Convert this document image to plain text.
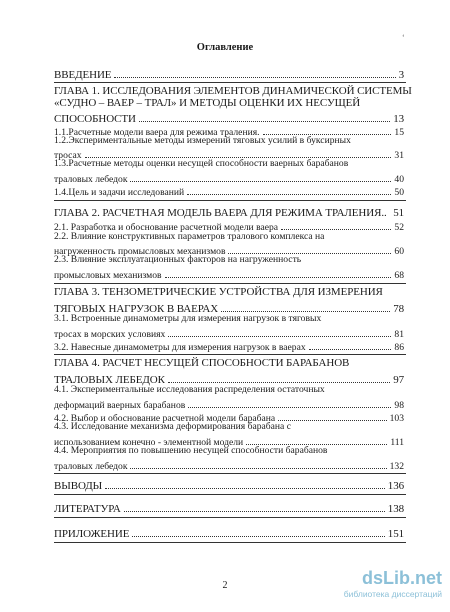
‘
Оглавление
ВВЕДЕНИЕ	3
ГЛАВА 1. ИССЛЕДОВАНИЯ ЭЛЕМЕНТОВ ДИНАМИЧЕСКОЙ СИСТЕМЫ
«СУДНО – ВАЕР – ТРАЛ» И МЕТОДЫ ОЦЕНКИ ИХ НЕСУЩЕЙ
СПОСОБНОСТИ	13
1.1.Расчетные модели ваера для режима траления.	15
1.2.Экспериментальные методы измерений тяговых усилий в буксирных
тросах	31
1.3.Расчетные методы оценки несущей способности ваерных барабанов
траловых лебедок	40
1.4.Цель и задачи исследований	50
ГЛАВА 2. РАСЧЕТНАЯ МОДЕЛЬ ВАЕРА ДЛЯ РЕЖИМА ТРАЛЕНИЯ.. 51
2.1. Разработка и обоснование расчетной модели ваера	52
2.2. Влияние конструктивных параметров тралового комплекса на
нагруженность промысловых механизмов	60
2.3. Влияние эксплуатационных факторов на нагруженность
промысловых механизмов	68
ГЛАВА 3. ТЕНЗОМЕТРИЧЕСКИЕ УСТРОЙСТВА ДЛЯ ИЗМЕРЕНИЯ
ТЯГОВЫХ НАГРУЗОК В ВАЕРАХ	78
3.1. Встроенные динамометры для измерения нагрузок в тяговых
тросах в морских условиях	81
3.2. Навесные динамометры для измерения нагрузок в ваерах	86
ГЛАВА 4. РАСЧЕТ НЕСУЩЕЙ СПОСОБНОСТИ БАРАБАНОВ
ТРАЛОВЫХ ЛЕБЕДОК	97
4.1. Экспериментальные исследования распределения остаточных
деформаций ваерных барабанов	98
4.2. Выбор и обоснование расчетной модели барабана	103
4.3. Исследование механизма деформирования барабана с
использованием конечно - элементной модели	111
4.4. Мероприятия по повышению несущей способности барабанов
траловых лебедок	132
ВЫВОДЫ	136
ЛИТЕРАТУРА	138
ПРИЛОЖЕНИЕ	151
2	dsLib.net
библиотека диссертаций
